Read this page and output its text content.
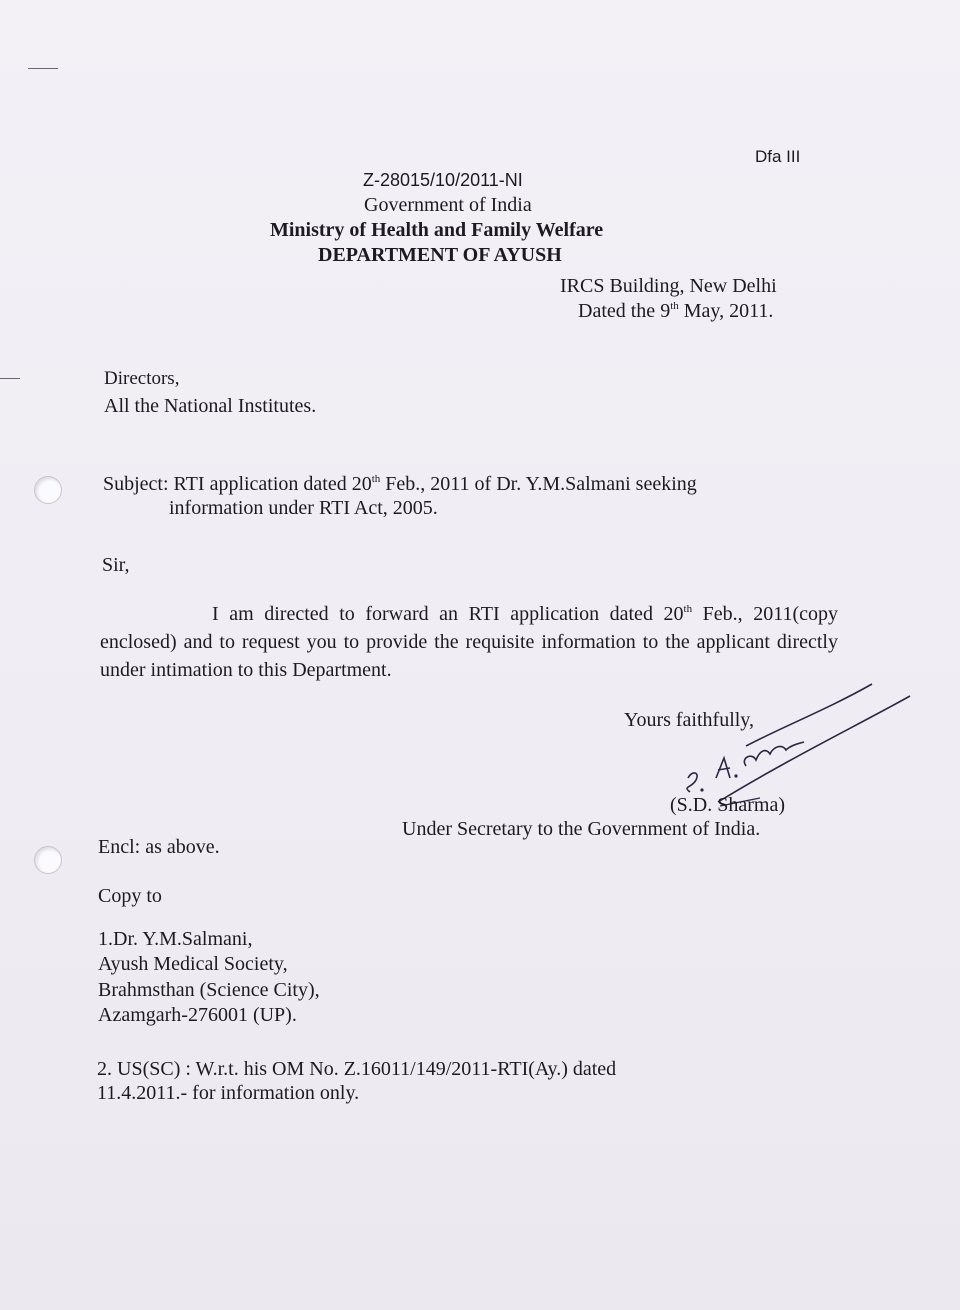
Dfa III
Z-28015/10/2011-NI
Government of India
Ministry of Health and Family Welfare
DEPARTMENT OF AYUSH
IRCS Building, New Delhi
Dated the 9th May, 2011.
Directors,
All the National Institutes.
Subject: RTI application dated 20th Feb., 2011 of Dr. Y.M.Salmani seeking
information under RTI Act, 2005.
Sir,
I am directed to forward an RTI application dated 20th Feb., 2011(copy enclosed) and to request you to provide the requisite information to the applicant directly under intimation to this Department.
Yours faithfully,
(S.D. Sharma)
Under Secretary to the Government of India.
Encl: as above.
Copy to
1.Dr. Y.M.Salmani,
Ayush Medical Society,
Brahmsthan (Science City),
Azamgarh-276001 (UP).
2. US(SC) : W.r.t. his OM No. Z.16011/149/2011-RTI(Ay.) dated
11.4.2011.- for information only.
